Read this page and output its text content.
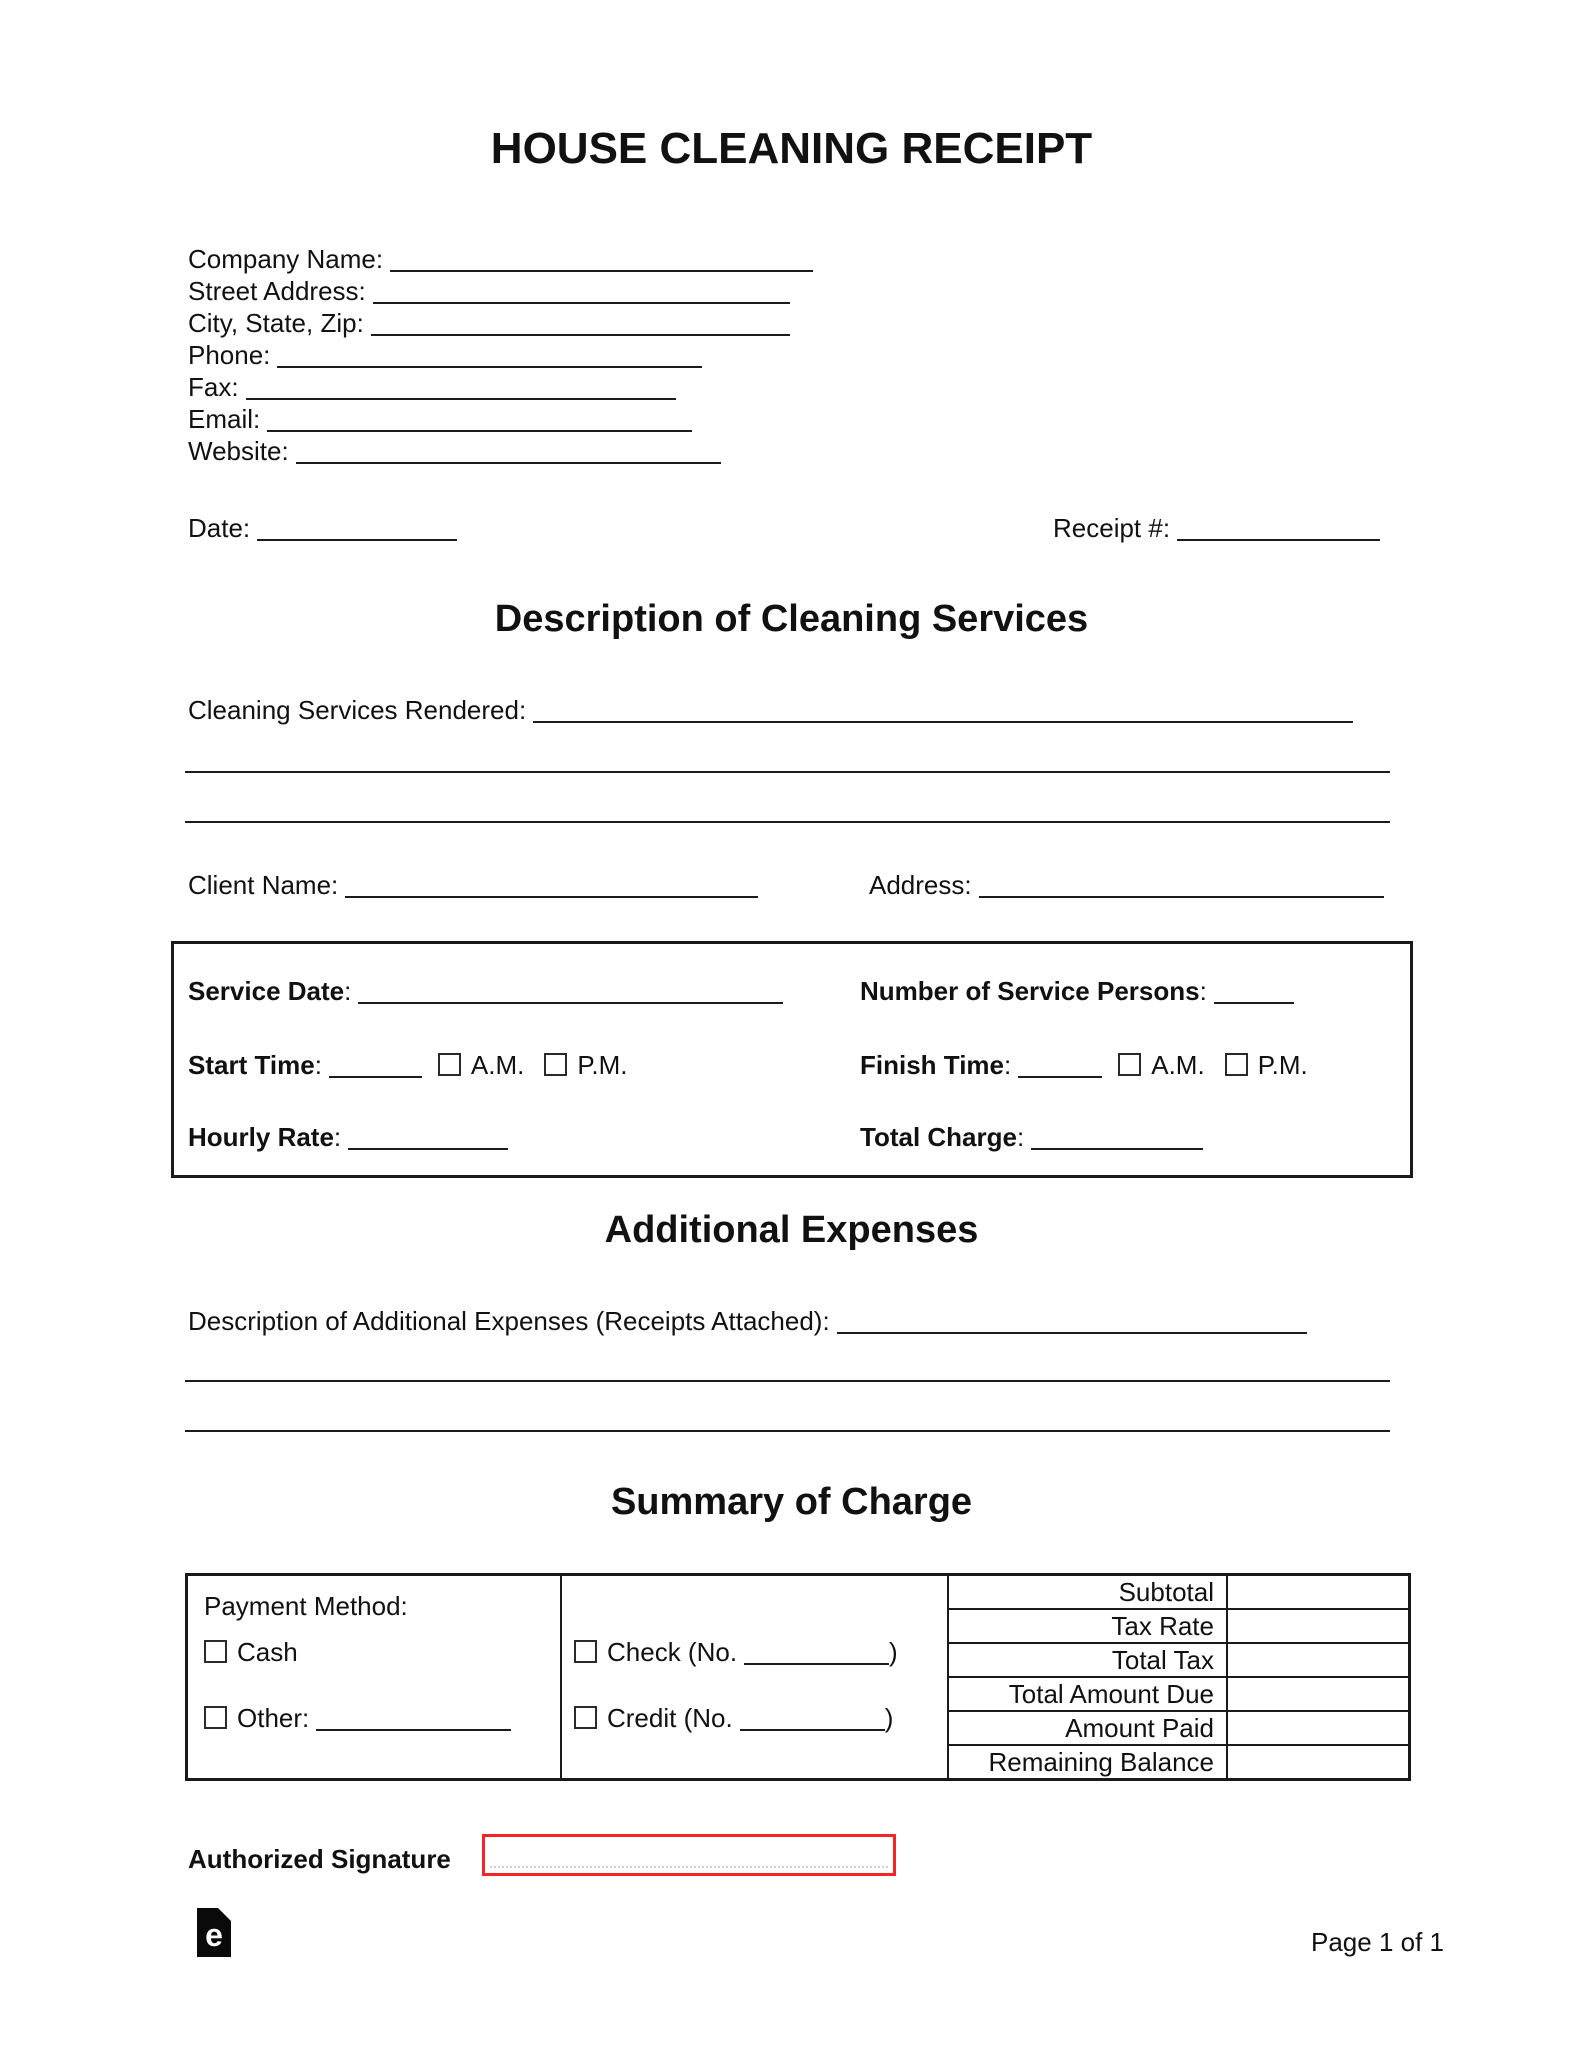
HOUSE CLEANING RECEIPT
Company Name:
Street Address:
City, State, Zip:
Phone:
Fax:
Email:
Website:
Date:	Receipt #:
Description of Cleaning Services
Cleaning Services Rendered:
Client Name:	Address:
Service Date:	Number of Service Persons:
Start Time:	A.M. P.M.	Finish Time:	A.M. P.M.
Hourly Rate:	Total Charge:
Additional Expenses
Description of Additional Expenses (Receipts Attached):
Summary of Charge
Payment Method:
Cash
Other:
Check (No.	)
Credit (No.	)
Subtotal
Tax Rate
Total Tax
Total Amount Due
Amount Paid
Remaining Balance
Authorized Signature
e	Page 1 of 1
